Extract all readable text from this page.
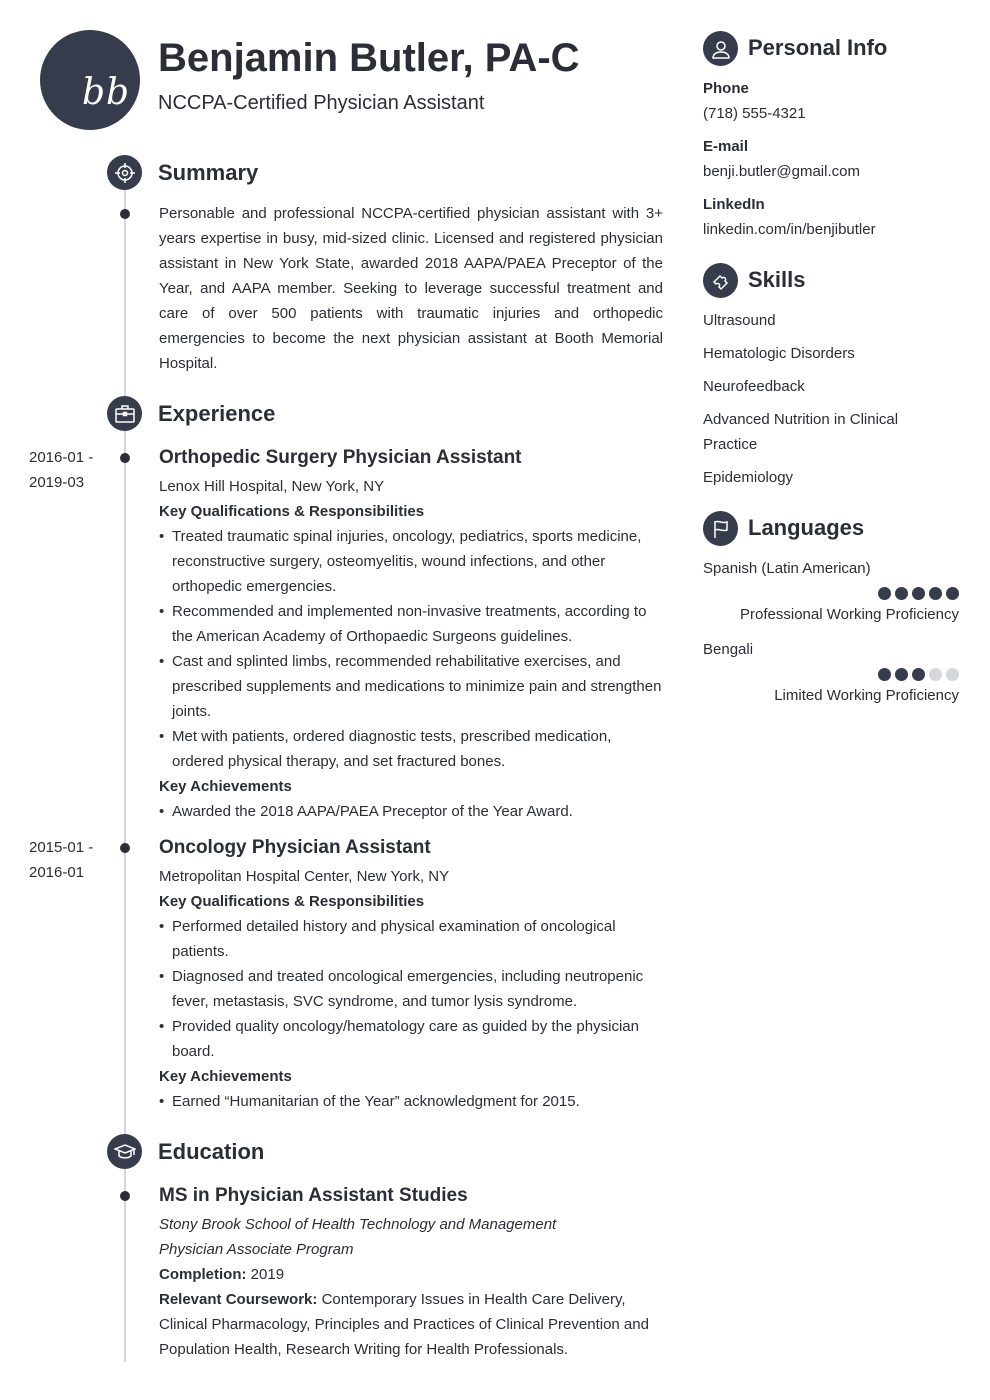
bb
Benjamin Butler, PA-C
NCCPA-Certified Physician Assistant
Summary
Personable and professional NCCPA-certified physician assistant with 3+ years expertise in busy, mid-sized clinic. Licensed and registered physician assistant in New York State, awarded 2018 AAPA/PAEA Preceptor of the Year, and AAPA member. Seeking to leverage successful treatment and care of over 500 patients with traumatic injuries and orthopedic emergencies to become the next physician assistant at Booth Memorial Hospital.
Experience
2016-01 -
2019-03
Orthopedic Surgery Physician Assistant
Lenox Hill Hospital, New York, NY
Key Qualifications & Responsibilities
• Treated traumatic spinal injuries, oncology, pediatrics, sports medicine, reconstructive surgery, osteomyelitis, wound infections, and other orthopedic emergencies.
• Recommended and implemented non-invasive treatments, according to the American Academy of Orthopaedic Surgeons guidelines.
• Cast and splinted limbs, recommended rehabilitative exercises, and prescribed supplements and medications to minimize pain and strengthen joints.
• Met with patients, ordered diagnostic tests, prescribed medication, ordered physical therapy, and set fractured bones.
Key Achievements
• Awarded the 2018 AAPA/PAEA Preceptor of the Year Award.
2015-01 -
2016-01
Oncology Physician Assistant
Metropolitan Hospital Center, New York, NY
Key Qualifications & Responsibilities
• Performed detailed history and physical examination of oncological patients.
• Diagnosed and treated oncological emergencies, including neutropenic fever, metastasis, SVC syndrome, and tumor lysis syndrome.
• Provided quality oncology/hematology care as guided by the physician board.
Key Achievements
• Earned “Humanitarian of the Year” acknowledgment for 2015.
Education
MS in Physician Assistant Studies
Stony Brook School of Health Technology and Management
Physician Associate Program
Completion: 2019
Relevant Coursework: Contemporary Issues in Health Care Delivery, Clinical Pharmacology, Principles and Practices of Clinical Prevention and Population Health, Research Writing for Health Professionals.
Personal Info
Phone
(718) 555-4321
E-mail
benji.butler@gmail.com
LinkedIn
linkedin.com/in/benjibutler
Skills
Ultrasound
Hematologic Disorders
Neurofeedback
Advanced Nutrition in Clinical Practice
Epidemiology
Languages
Spanish (Latin American)
Professional Working Proficiency
Bengali
Limited Working Proficiency
